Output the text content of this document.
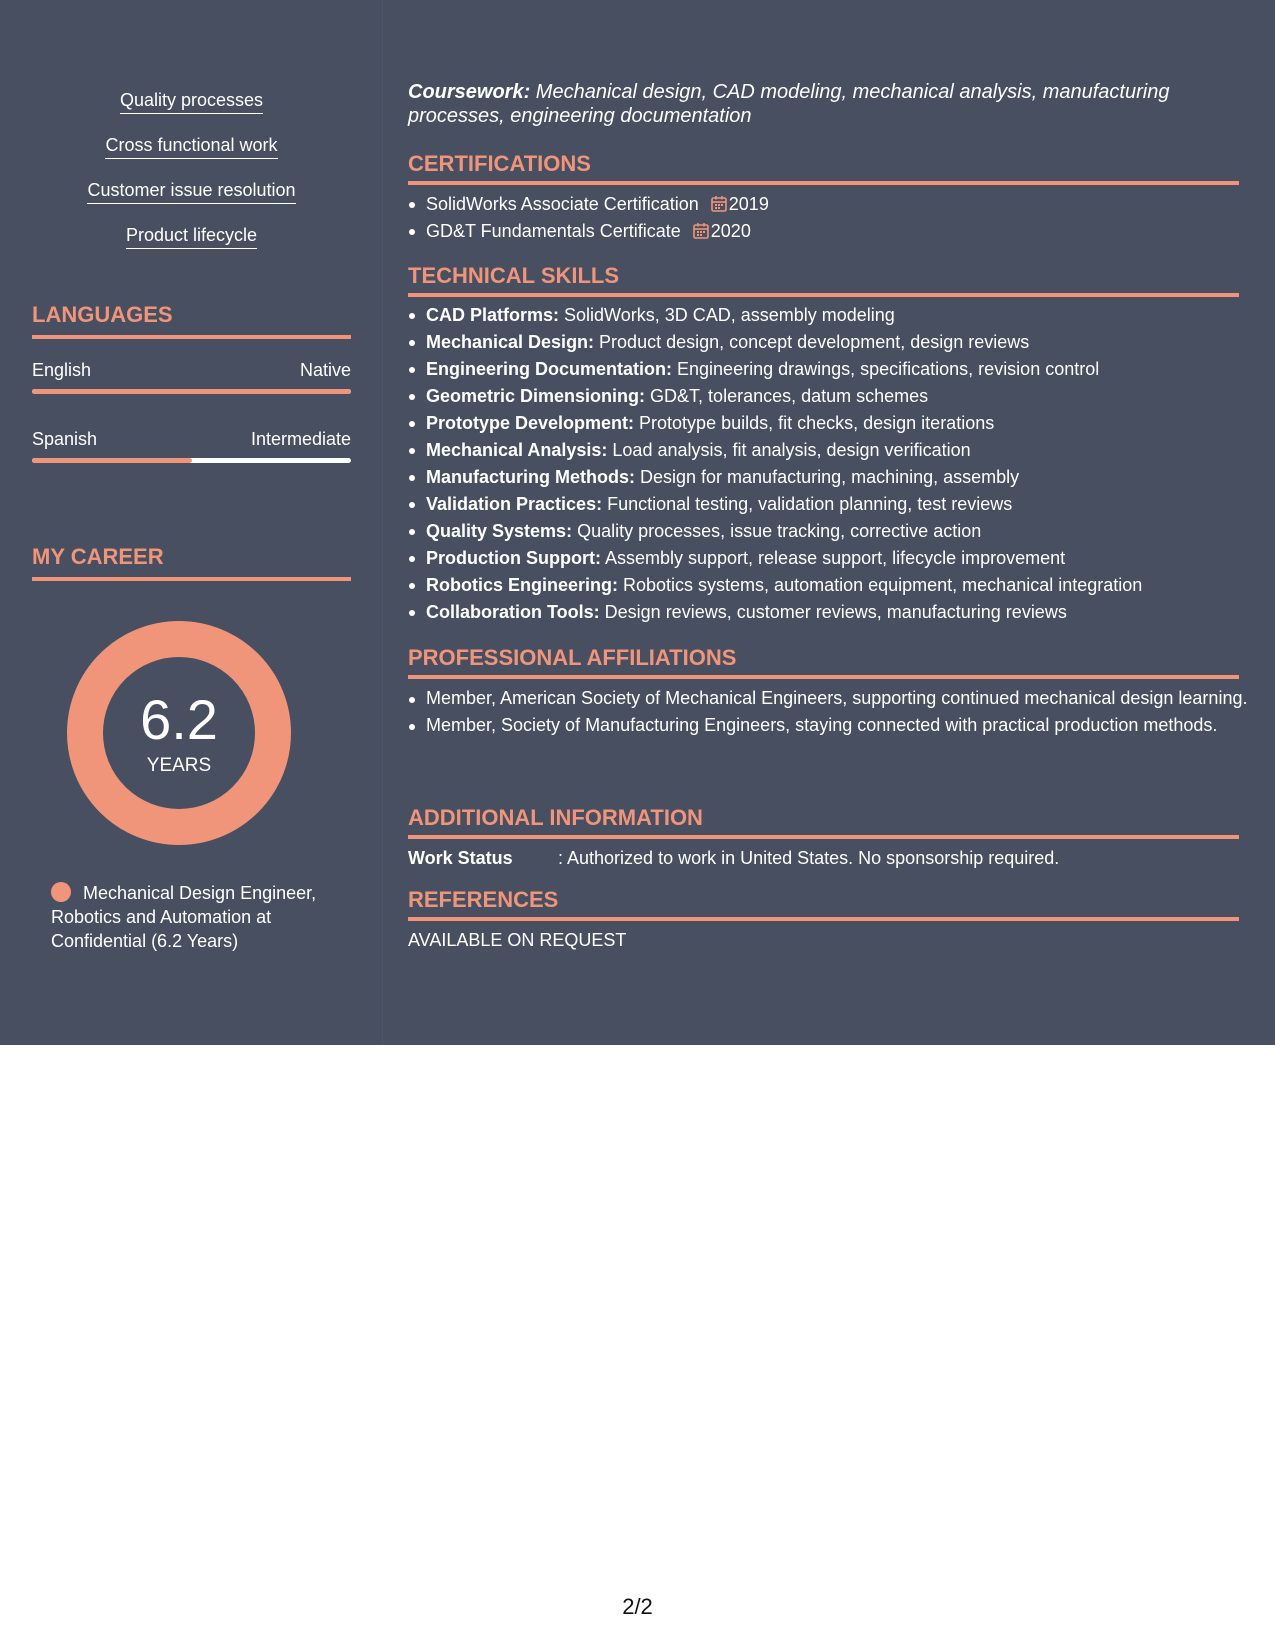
Quality processes
Cross functional work
Customer issue resolution
Product lifecycle
LANGUAGES
English	Native
Spanish	Intermediate
MY CAREER
6.2
YEARS
Mechanical Design Engineer, Robotics and Automation at Confidential (6.2 Years)
Coursework: Mechanical design, CAD modeling, mechanical analysis, manufacturing processes, engineering documentation
CERTIFICATIONS
SolidWorks Associate Certification 2019
GD&T Fundamentals Certificate 2020
TECHNICAL SKILLS
CAD Platforms: SolidWorks, 3D CAD, assembly modeling
Mechanical Design: Product design, concept development, design reviews
Engineering Documentation: Engineering drawings, specifications, revision control
Geometric Dimensioning: GD&T, tolerances, datum schemes
Prototype Development: Prototype builds, fit checks, design iterations
Mechanical Analysis: Load analysis, fit analysis, design verification
Manufacturing Methods: Design for manufacturing, machining, assembly
Validation Practices: Functional testing, validation planning, test reviews
Quality Systems: Quality processes, issue tracking, corrective action
Production Support: Assembly support, release support, lifecycle improvement
Robotics Engineering: Robotics systems, automation equipment, mechanical integration
Collaboration Tools: Design reviews, customer reviews, manufacturing reviews
PROFESSIONAL AFFILIATIONS
Member, American Society of Mechanical Engineers, supporting continued mechanical design learning.
Member, Society of Manufacturing Engineers, staying connected with practical production methods.
ADDITIONAL INFORMATION
Work Status	: Authorized to work in United States. No sponsorship required.
REFERENCES
AVAILABLE ON REQUEST
2/2
